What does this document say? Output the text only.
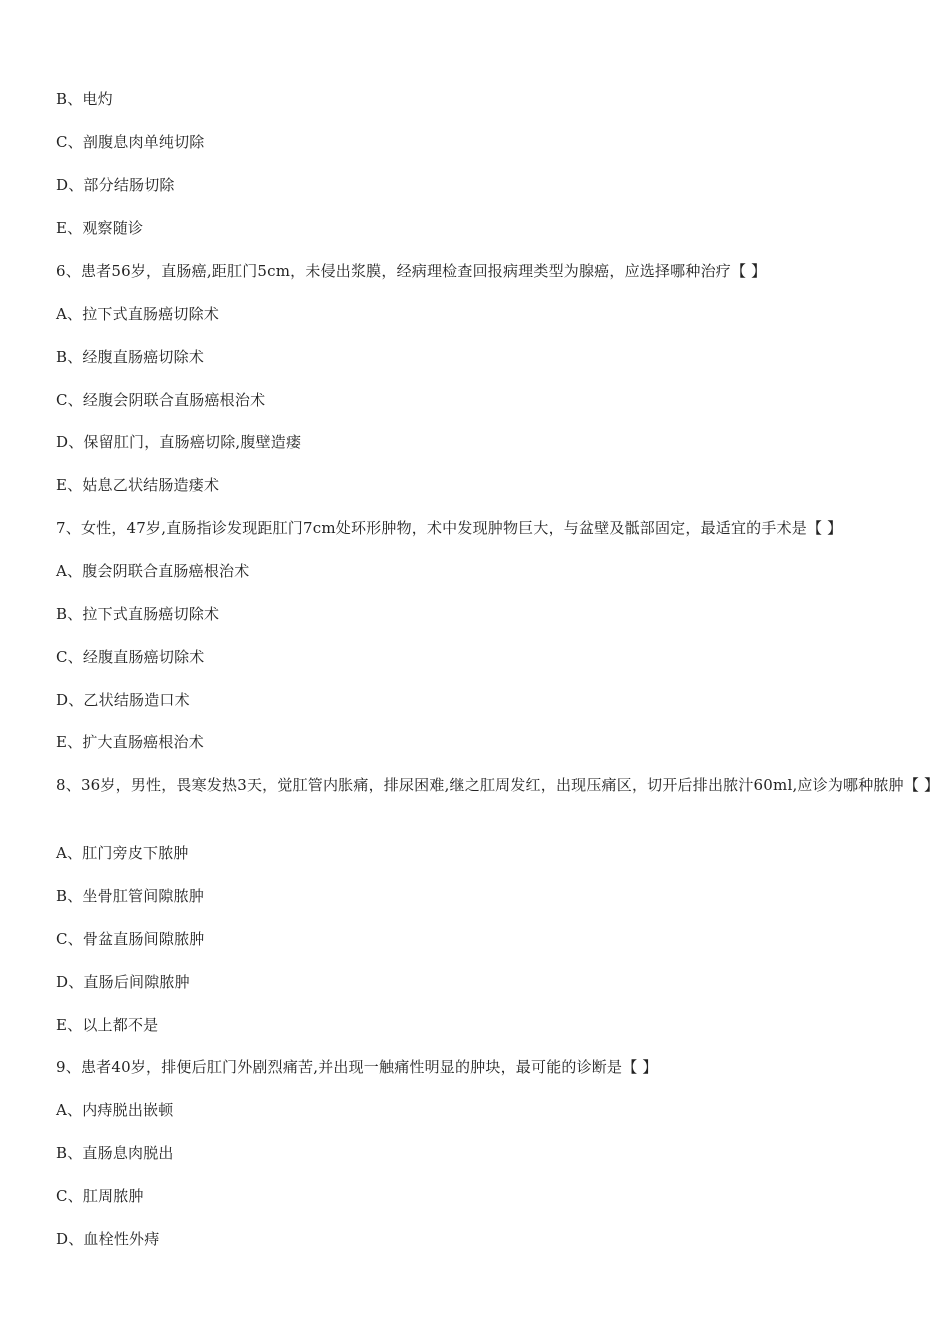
B、电灼
C、剖腹息肉单纯切除
D、部分结肠切除
E、观察随诊
6、患者56岁，直肠癌,距肛门5cm，未侵出浆膜，经病理检查回报病理类型为腺癌，应选择哪种治疗【 】
A、拉下式直肠癌切除术
B、经腹直肠癌切除术
C、经腹会阴联合直肠癌根治术
D、保留肛门，直肠癌切除,腹壁造瘘
E、姑息乙状结肠造瘘术
7、女性，47岁,直肠指诊发现距肛门7cm处环形肿物，术中发现肿物巨大，与盆壁及骶部固定，最适宜的手术是【 】
A、腹会阴联合直肠癌根治术
B、拉下式直肠癌切除术
C、经腹直肠癌切除术
D、乙状结肠造口术
E、扩大直肠癌根治术
8、36岁，男性，畏寒发热3天，觉肛管内胀痛，排尿困难,继之肛周发红，出现压痛区，切开后排出脓汁60ml,应诊为哪种脓肿【 】
A、肛门旁皮下脓肿
B、坐骨肛管间隙脓肿
C、骨盆直肠间隙脓肿
D、直肠后间隙脓肿
E、以上都不是
9、患者40岁，排便后肛门外剧烈痛苦,并出现一触痛性明显的肿块，最可能的诊断是【 】
A、内痔脱出嵌顿
B、直肠息肉脱出
C、肛周脓肿
D、血栓性外痔
